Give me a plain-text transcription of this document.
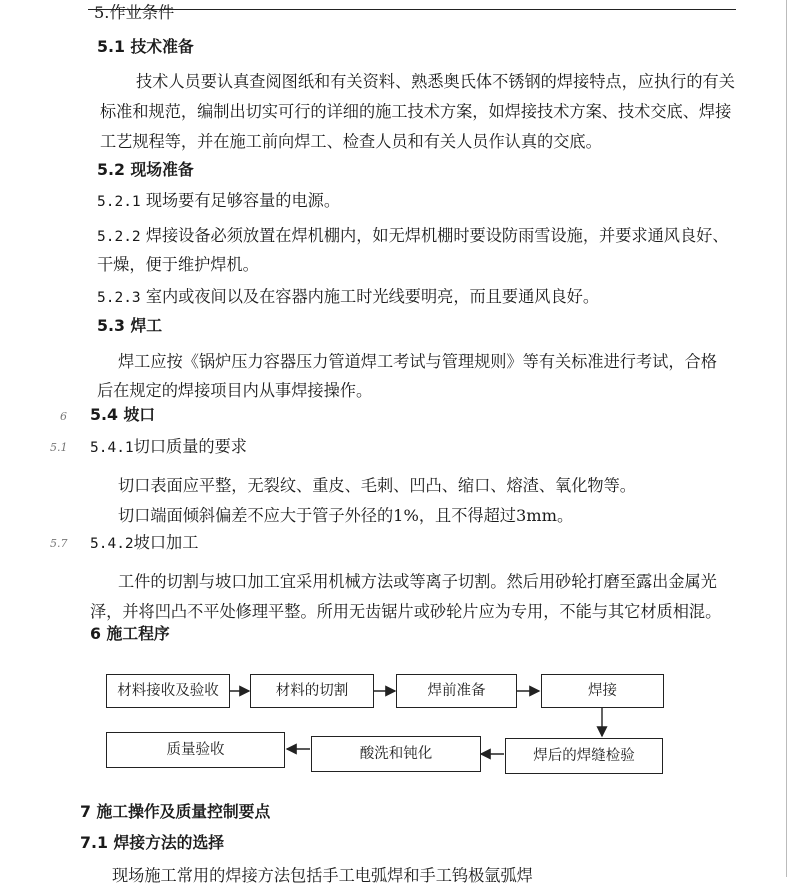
5.作业条件
5.1 技术准备
技术人员要认真查阅图纸和有关资料、熟悉奥氏体不锈钢的焊接特点，应执行的有关
标准和规范，编制出切实可行的详细的施工技术方案，如焊接技术方案、技术交底、焊接
工艺规程等，并在施工前向焊工、检查人员和有关人员作认真的交底。
5.2 现场准备
5.2.1 现场要有足够容量的电源。
5.2.2 焊接设备必须放置在焊机棚内，如无焊机棚时要设防雨雪设施，并要求通风良好、
干燥，便于维护焊机。
5.2.3 室内或夜间以及在容器内施工时光线要明亮，而且要通风良好。
5.3 焊工
焊工应按《锅炉压力容器压力管道焊工考试与管理规则》等有关标准进行考试，合格
后在规定的焊接项目内从事焊接操作。
6 5.4 坡口
5.1 5.4.1切口质量的要求
切口表面应平整，无裂纹、重皮、毛刺、凹凸、缩口、熔渣、氧化物等。
切口端面倾斜偏差不应大于管子外径的1%，且不得超过3mm。
5.7 5.4.2坡口加工
工件的切割与坡口加工宜采用机械方法或等离子切割。然后用砂轮打磨至露出金属光
泽，并将凹凸不平处修理平整。所用无齿锯片或砂轮片应为专用，不能与其它材质相混。
6 施工程序
材料接收及验收	材料的切割	焊前准备	焊接
质量验收	酸洗和钝化	焊后的焊缝检验
7 施工操作及质量控制要点
7.1 焊接方法的选择
现场施工常用的焊接方法包括手工电弧焊和手工钨极氩弧焊
